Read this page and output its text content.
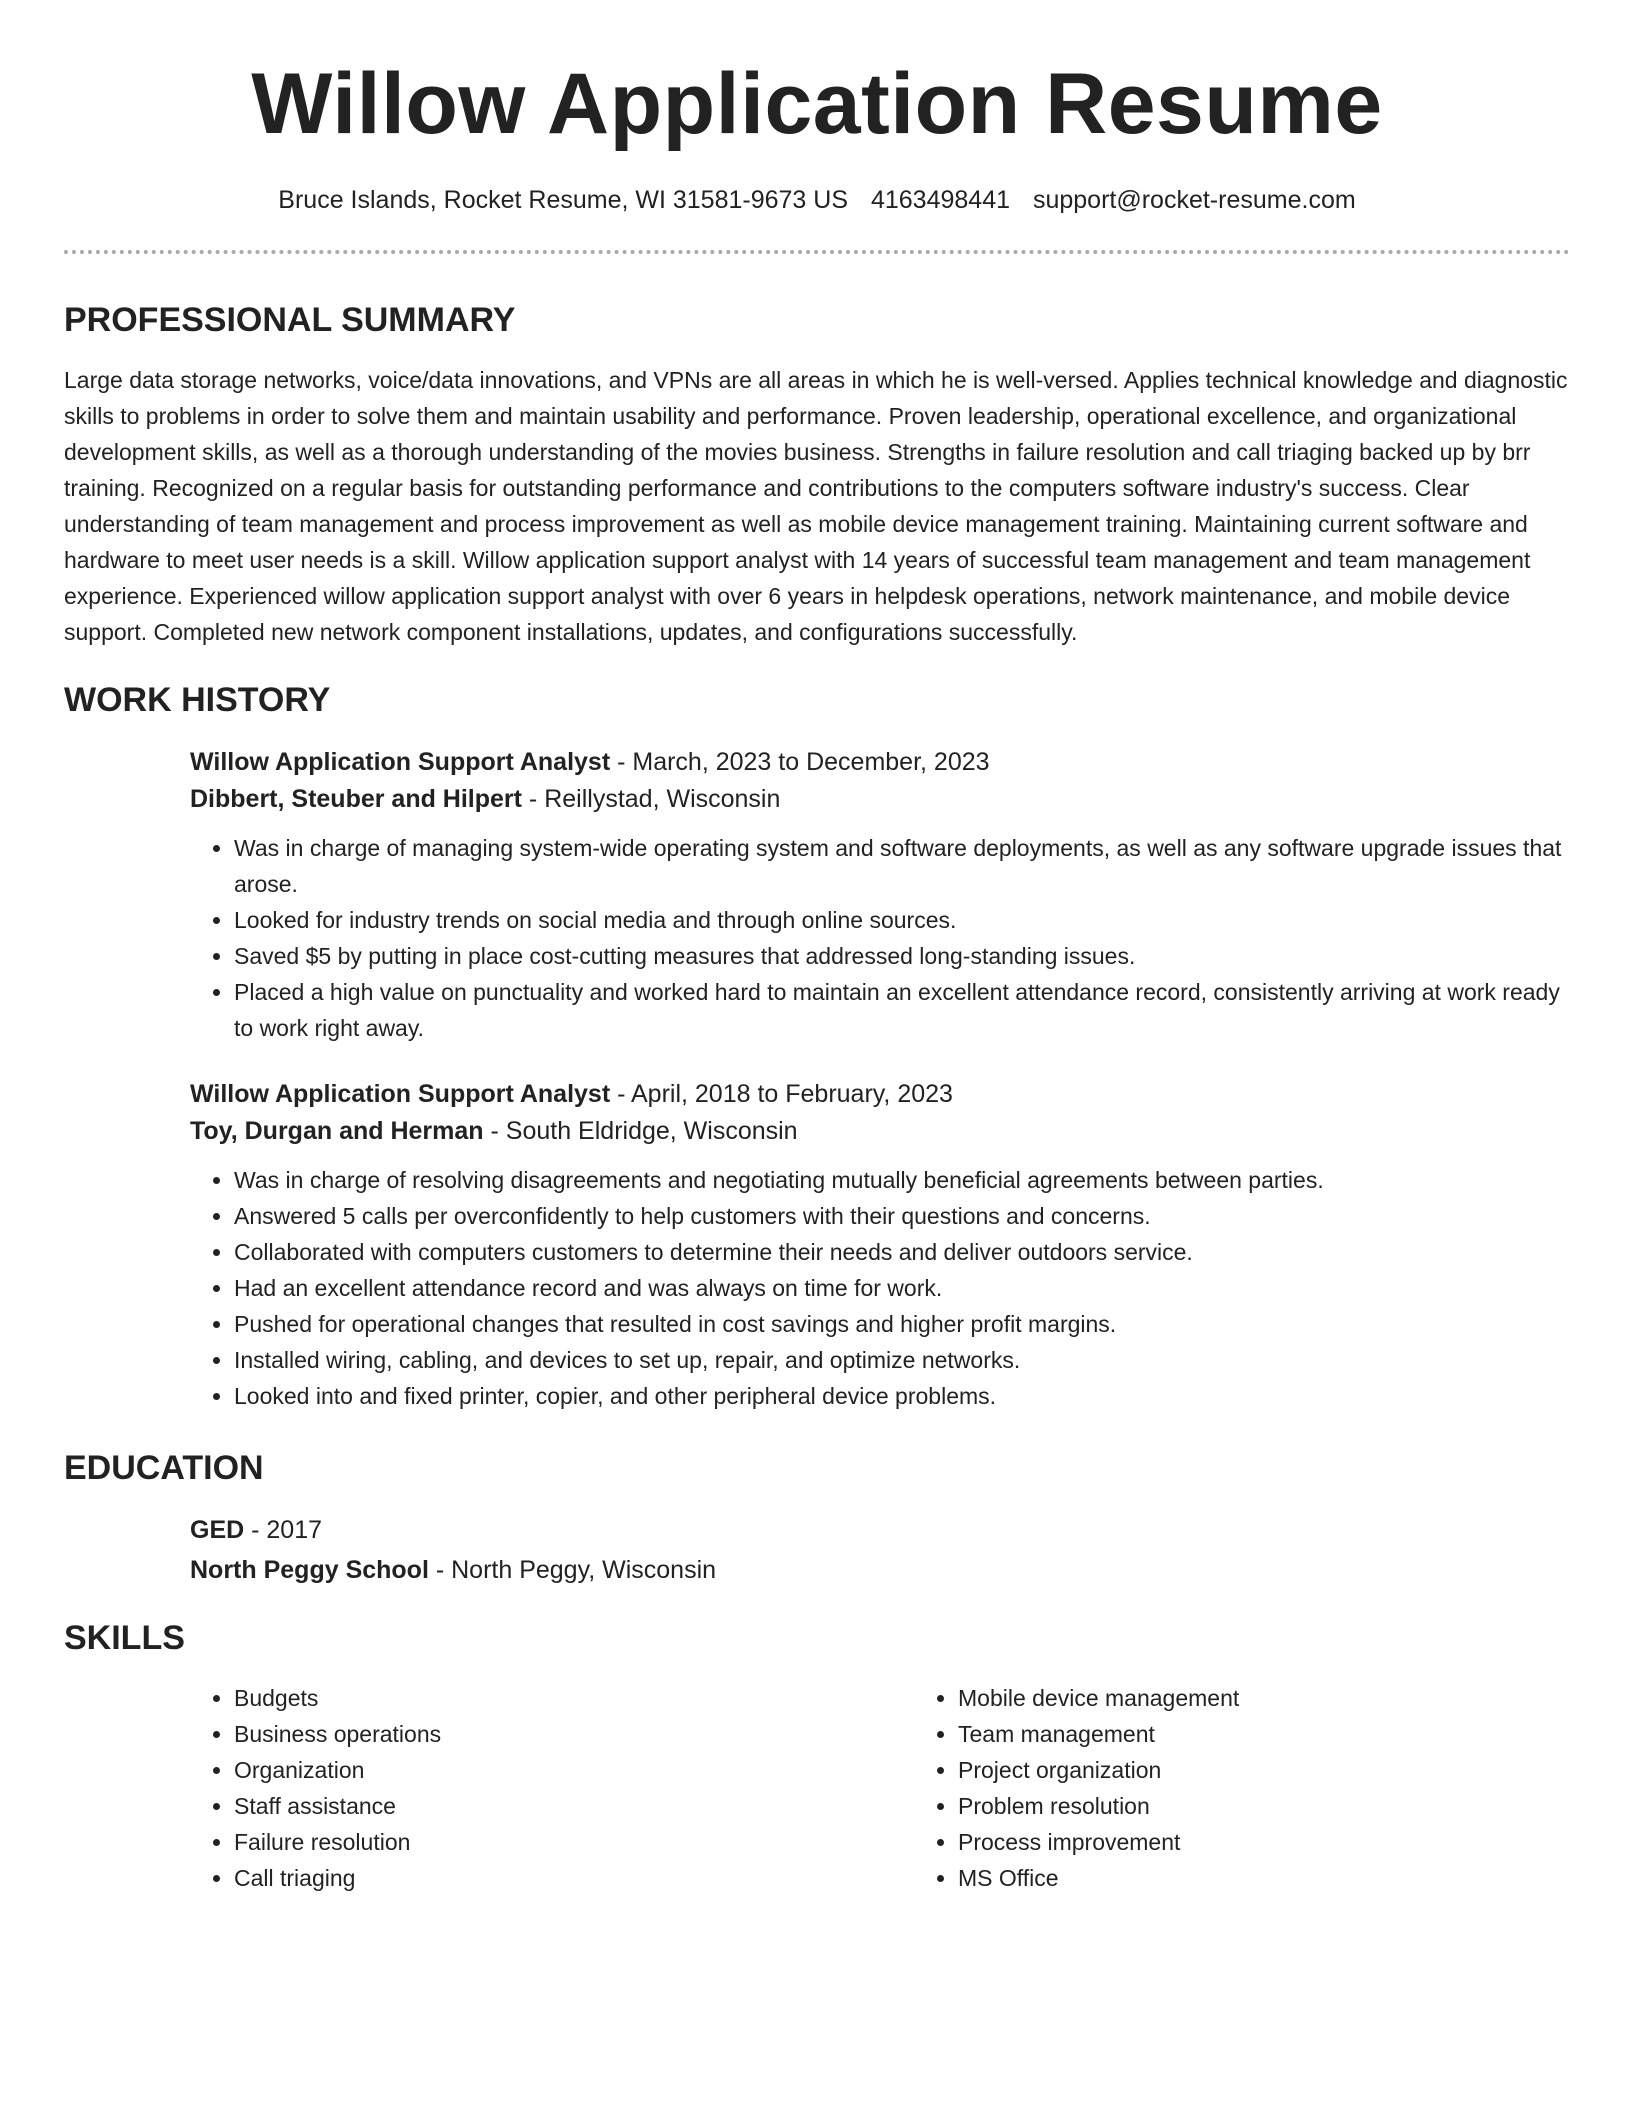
Willow Application Resume
Bruce Islands, Rocket Resume, WI 31581-9673 US 4163498441 support@rocket-resume.com
PROFESSIONAL SUMMARY

Large data storage networks, voice/data innovations, and VPNs are all areas in which he is well-versed. Applies technical knowledge and diagnostic skills to problems in order to solve them and maintain usability and performance. Proven leadership, operational excellence, and organizational development skills, as well as a thorough understanding of the movies business. Strengths in failure resolution and call triaging backed up by brr training. Recognized on a regular basis for outstanding performance and contributions to the computers software industry's success. Clear understanding of team management and process improvement as well as mobile device management training. Maintaining current software and hardware to meet user needs is a skill. Willow application support analyst with 14 years of successful team management and team management experience. Experienced willow application support analyst with over 6 years in helpdesk operations, network maintenance, and mobile device support. Completed new network component installations, updates, and configurations successfully.

WORK HISTORY
Willow Application Support Analyst - March, 2023 to December, 2023
Dibbert, Steuber and Hilpert - Reillystad, Wisconsin
• Was in charge of managing system-wide operating system and software deployments, as well as any software upgrade issues that arose.
• Looked for industry trends on social media and through online sources.
• Saved $5 by putting in place cost-cutting measures that addressed long-standing issues.
• Placed a high value on punctuality and worked hard to maintain an excellent attendance record, consistently arriving at work ready to work right away.
Willow Application Support Analyst - April, 2018 to February, 2023
Toy, Durgan and Herman - South Eldridge, Wisconsin
• Was in charge of resolving disagreements and negotiating mutually beneficial agreements between parties.
• Answered 5 calls per overconfidently to help customers with their questions and concerns.
• Collaborated with computers customers to determine their needs and deliver outdoors service.
• Had an excellent attendance record and was always on time for work.
• Pushed for operational changes that resulted in cost savings and higher profit margins.
• Installed wiring, cabling, and devices to set up, repair, and optimize networks.
• Looked into and fixed printer, copier, and other peripheral device problems.
EDUCATION
GED - 2017
North Peggy School - North Peggy, Wisconsin
SKILLS
• Budgets
• Business operations
• Organization
• Staff assistance
• Failure resolution
• Call triaging
• Mobile device management
• Team management
• Project organization
• Problem resolution
• Process improvement
• MS Office
